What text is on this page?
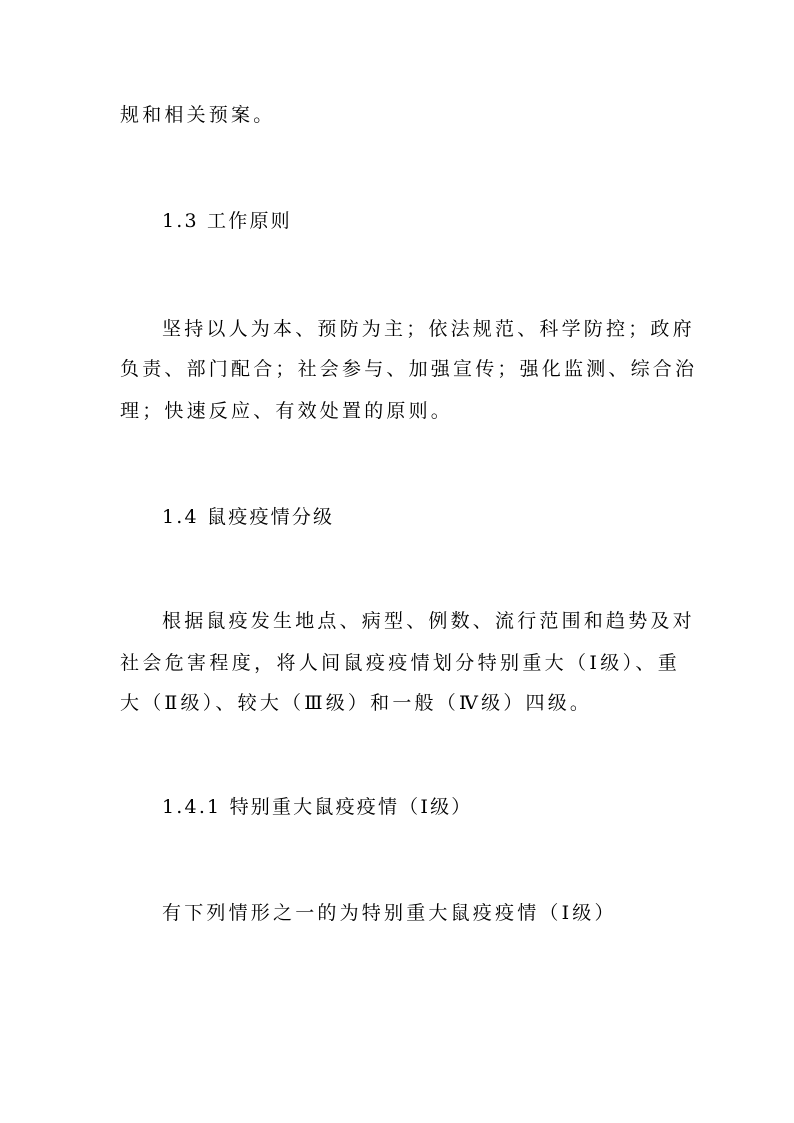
规和相关预案。
1.3 工作原则
坚持以人为本、预防为主；依法规范、科学防控；政府
负责、部门配合；社会参与、加强宣传；强化监测、综合治
理；快速反应、有效处置的原则。
1.4 鼠疫疫情分级
根据鼠疫发生地点、病型、例数、流行范围和趋势及对
社会危害程度，将人间鼠疫疫情划分特别重大（Ⅰ级）、重
大（Ⅱ级）、较大（Ⅲ级）和一般（Ⅳ级）四级。
1.4.1 特别重大鼠疫疫情（Ⅰ级）
有下列情形之一的为特别重大鼠疫疫情（Ⅰ级）
